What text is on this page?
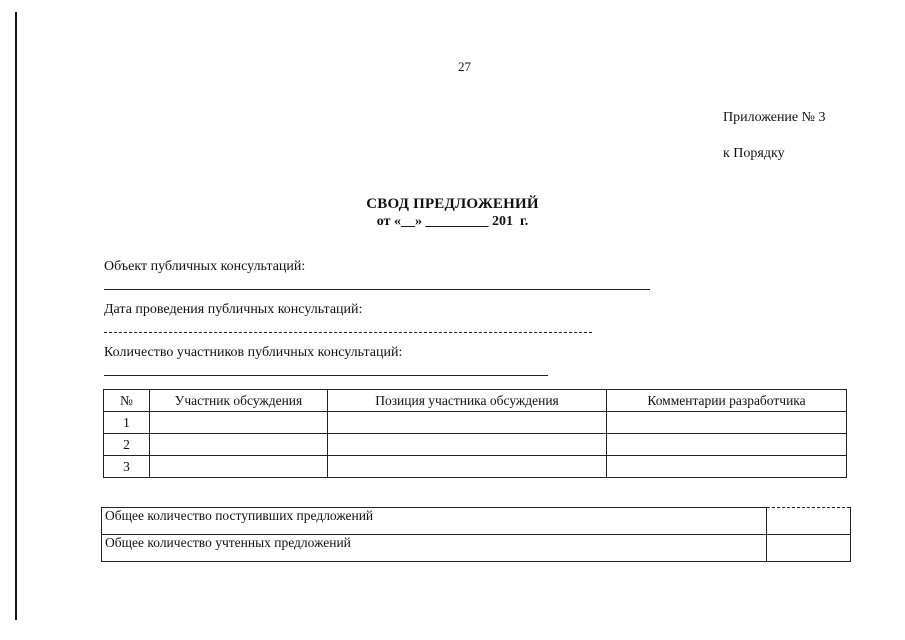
27
Приложение № 3
к Порядку
СВОД ПРЕДЛОЖЕНИЙ
от «__» _________ 201  г.
Объект публичных консультаций:
Дата проведения публичных консультаций:
Количество участников публичных консультаций:
№	Участник обсуждения	Позиция участника обсуждения	Комментарии разработчика
1			
2			
3			
Общее количество поступивших предложений	
Общее количество учтенных предложений	
